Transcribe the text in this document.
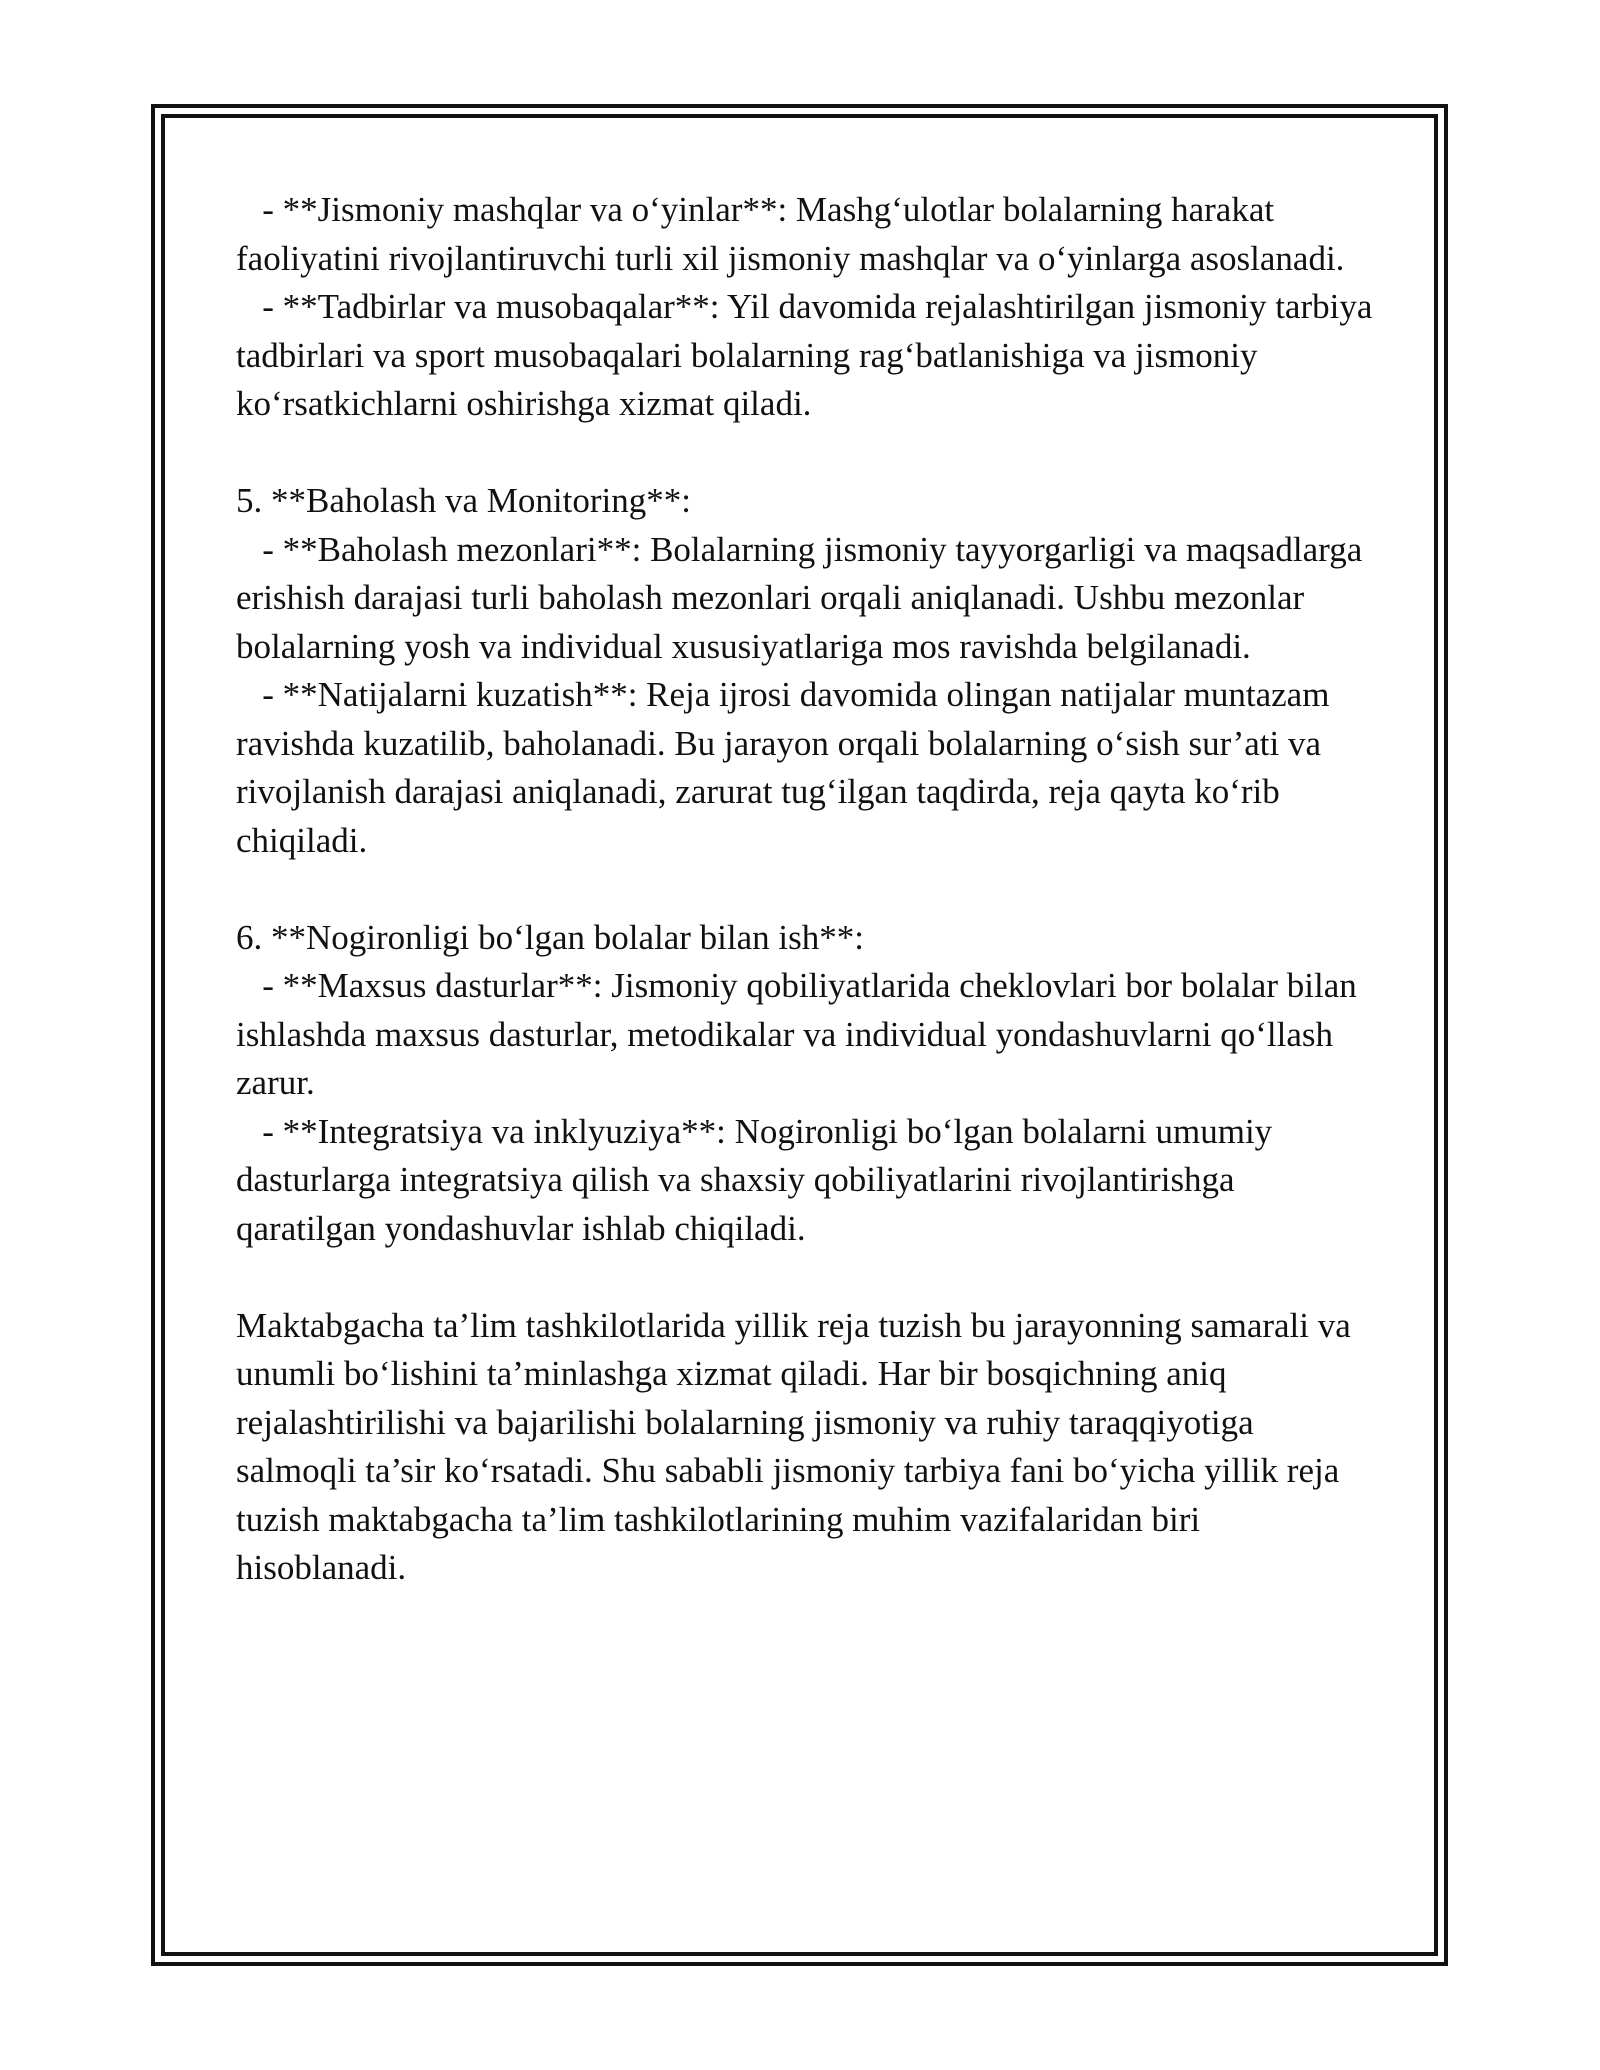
- **Jismoniy mashqlar va o‘yinlar**: Mashg‘ulotlar bolalarning harakat faoliyatini rivojlantiruvchi turli xil jismoniy mashqlar va o‘yinlarga asoslanadi.

- **Tadbirlar va musobaqalar**: Yil davomida rejalashtirilgan jismoniy tarbiya tadbirlari va sport musobaqalari bolalarning rag‘batlanishiga va jismoniy ko‘rsatkichlarni oshirishga xizmat qiladi.

5. **Baholash va Monitoring**:

- **Baholash mezonlari**: Bolalarning jismoniy tayyorgarligi va maqsadlarga erishish darajasi turli baholash mezonlari orqali aniqlanadi. Ushbu mezonlar bolalarning yosh va individual xususiyatlariga mos ravishda belgilanadi.

- **Natijalarni kuzatish**: Reja ijrosi davomida olingan natijalar muntazam ravishda kuzatilib, baholanadi. Bu jarayon orqali bolalarning o‘sish sur’ati va rivojlanish darajasi aniqlanadi, zarurat tug‘ilgan taqdirda, reja qayta ko‘rib chiqiladi.

6. **Nogironligi bo‘lgan bolalar bilan ish**:

- **Maxsus dasturlar**: Jismoniy qobiliyatlarida cheklovlari bor bolalar bilan ishlashda maxsus dasturlar, metodikalar va individual yondashuvlarni qo‘llash zarur.

- **Integratsiya va inklyuziya**: Nogironligi bo‘lgan bolalarni umumiy dasturlarga integratsiya qilish va shaxsiy qobiliyatlarini rivojlantirishga qaratilgan yondashuvlar ishlab chiqiladi.

Maktabgacha ta’lim tashkilotlarida yillik reja tuzish bu jarayonning samarali va unumli bo‘lishini ta’minlashga xizmat qiladi. Har bir bosqichning aniq rejalashtirilishi va bajarilishi bolalarning jismoniy va ruhiy taraqqiyotiga salmoqli ta’sir ko‘rsatadi. Shu sababli jismoniy tarbiya fani bo‘yicha yillik reja tuzish maktabgacha ta’lim tashkilotlarining muhim vazifalaridan biri hisoblanadi.
